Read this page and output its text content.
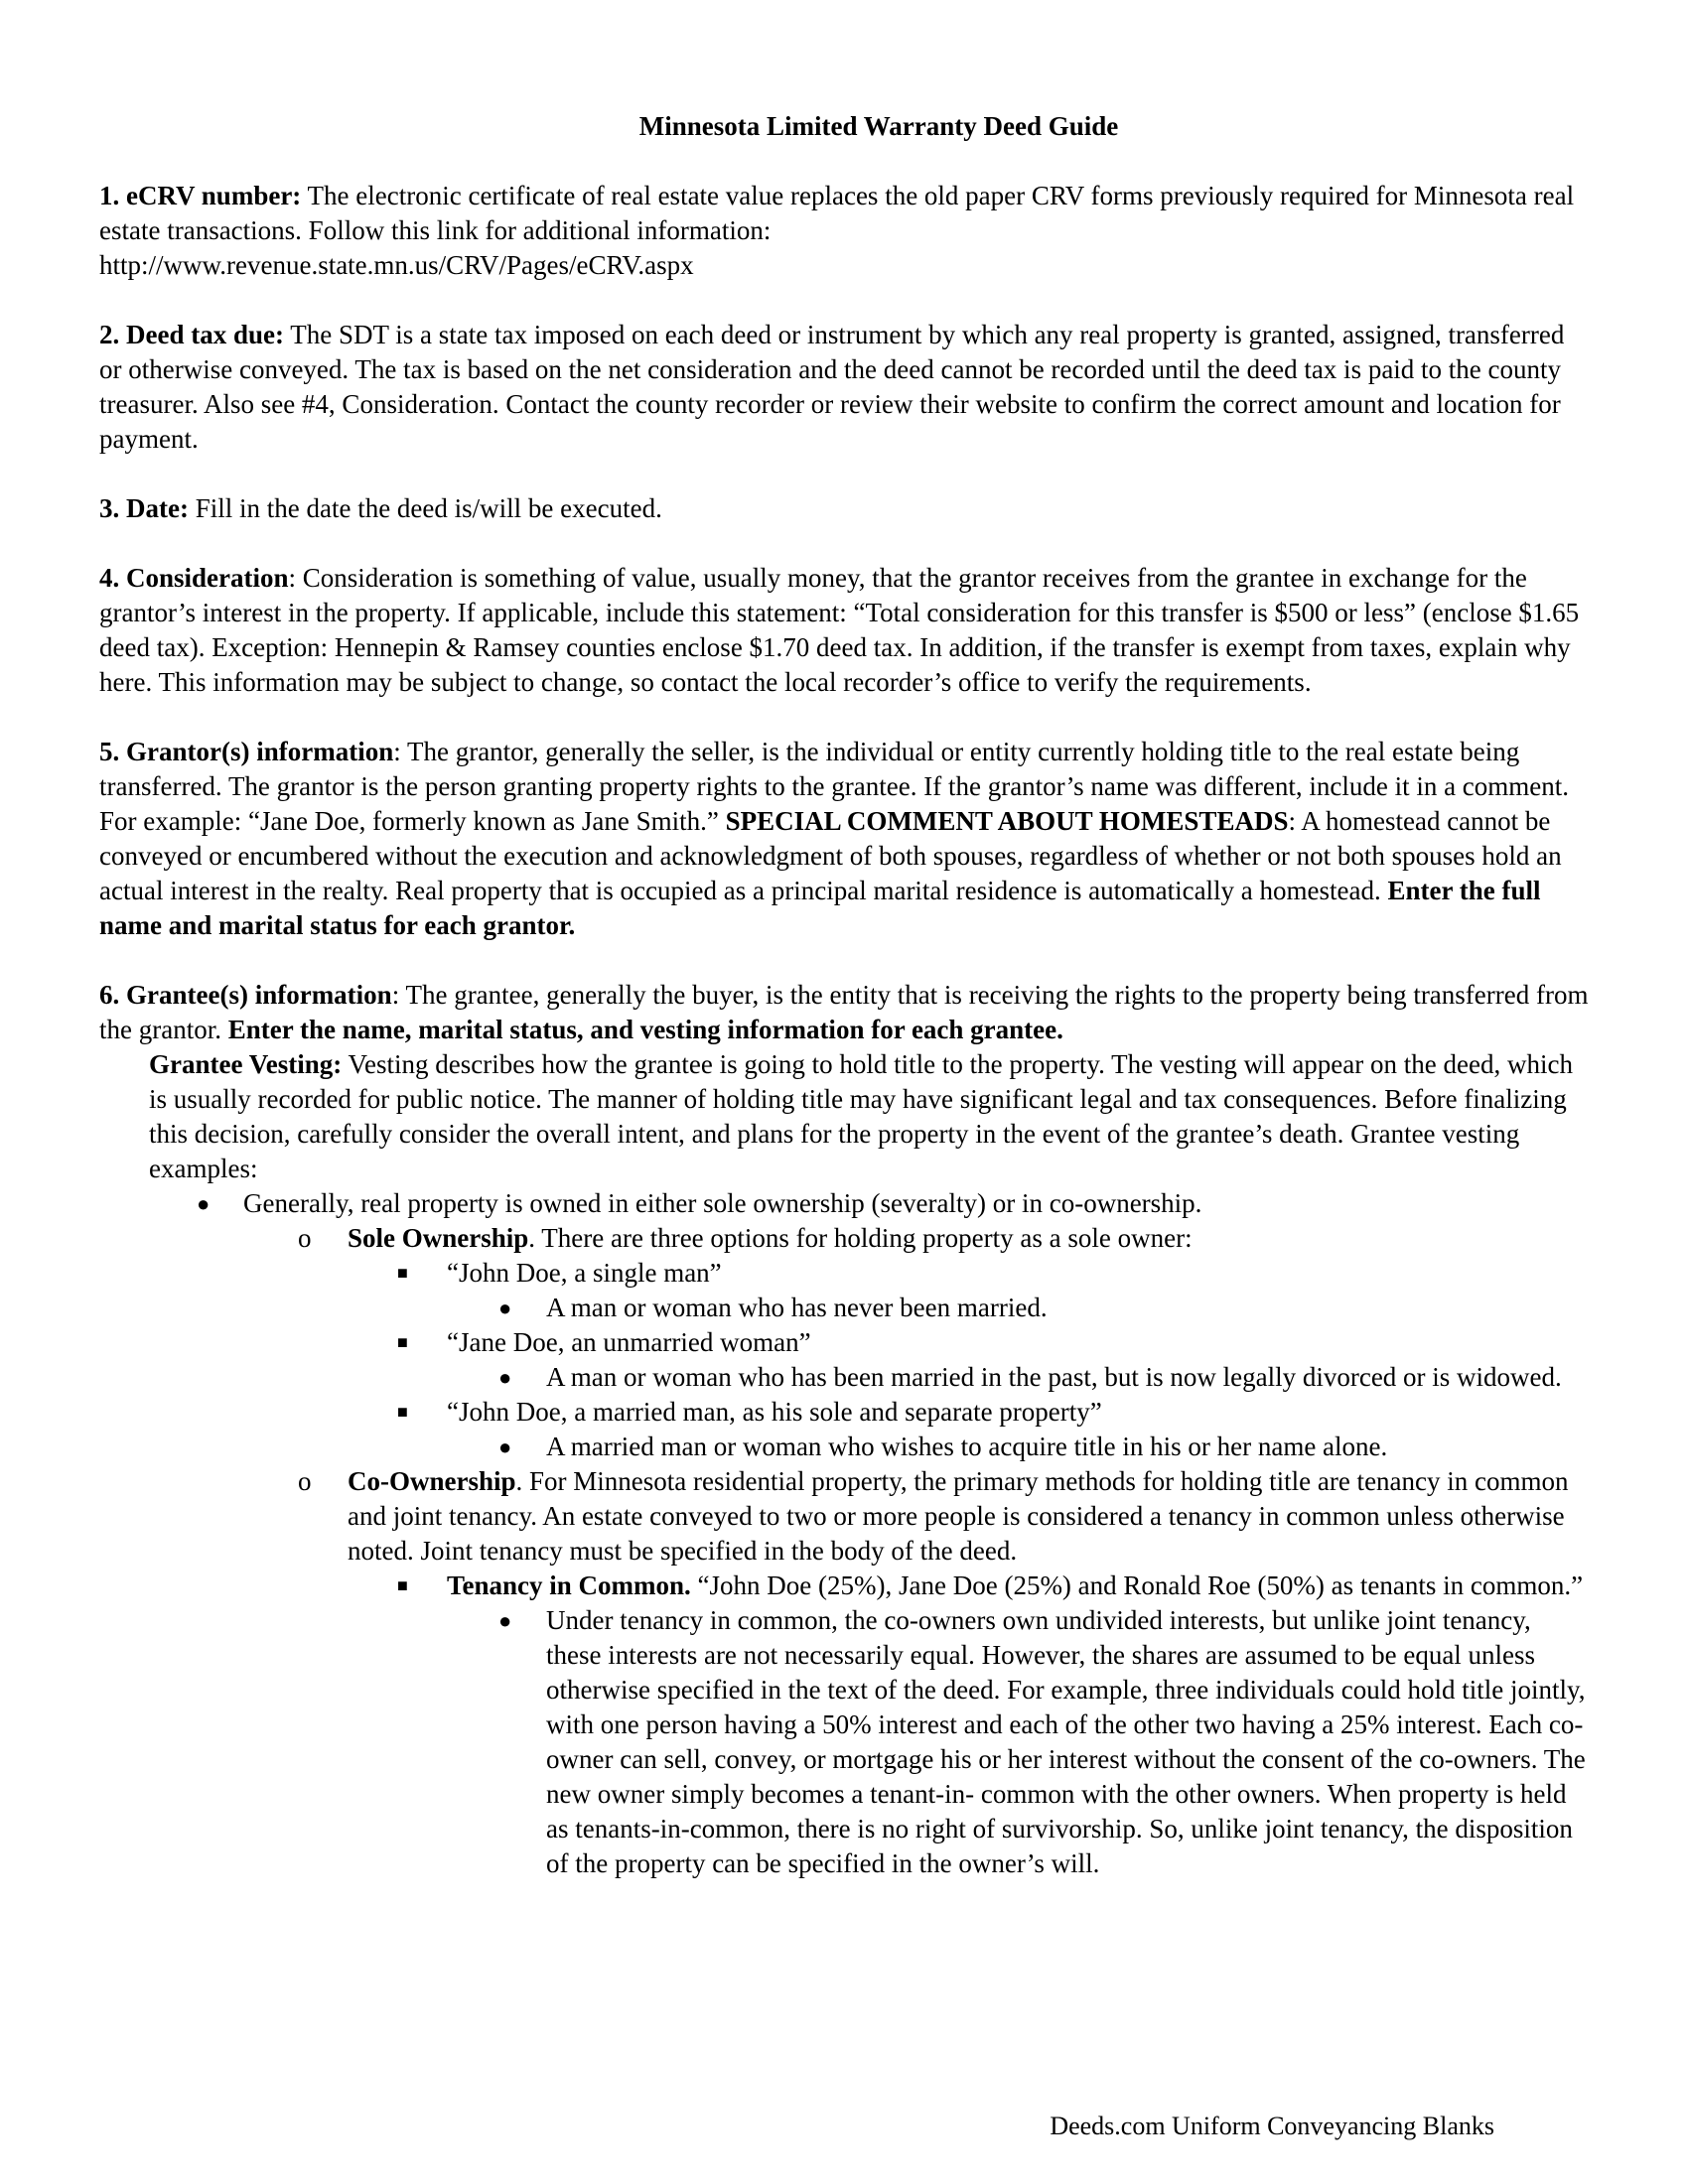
Minnesota Limited Warranty Deed Guide

1. eCRV number: The electronic certificate of real estate value replaces the old paper CRV forms previously required for Minnesota real estate transactions. Follow this link for additional information:
http://www.revenue.state.mn.us/CRV/Pages/eCRV.aspx

2. Deed tax due: The SDT is a state tax imposed on each deed or instrument by which any real property is granted, assigned, transferred or otherwise conveyed. The tax is based on the net consideration and the deed cannot be recorded until the deed tax is paid to the county treasurer. Also see #4, Consideration. Contact the county recorder or review their website to confirm the correct amount and location for payment.

3. Date: Fill in the date the deed is/will be executed.

4. Consideration: Consideration is something of value, usually money, that the grantor receives from the grantee in exchange for the grantor’s interest in the property. If applicable, include this statement: “Total consideration for this transfer is $500 or less” (enclose $1.65 deed tax). Exception: Hennepin & Ramsey counties enclose $1.70 deed tax. In addition, if the transfer is exempt from taxes, explain why here. This information may be subject to change, so contact the local recorder’s office to verify the requirements.

5. Grantor(s) information: The grantor, generally the seller, is the individual or entity currently holding title to the real estate being transferred. The grantor is the person granting property rights to the grantee. If the grantor’s name was different, include it in a comment. For example: “Jane Doe, formerly known as Jane Smith.” SPECIAL COMMENT ABOUT HOMESTEADS: A homestead cannot be conveyed or encumbered without the execution and acknowledgment of both spouses, regardless of whether or not both spouses hold an actual interest in the realty. Real property that is occupied as a principal marital residence is automatically a homestead. Enter the full name and marital status for each grantor.

6. Grantee(s) information: The grantee, generally the buyer, is the entity that is receiving the rights to the property being transferred from the grantor. Enter the name, marital status, and vesting information for each grantee.

Grantee Vesting: Vesting describes how the grantee is going to hold title to the property. The vesting will appear on the deed, which is usually recorded for public notice. The manner of holding title may have significant legal and tax consequences. Before finalizing this decision, carefully consider the overall intent, and plans for the property in the event of the grantee’s death. Grantee vesting examples:
● Generally, real property is owned in either sole ownership (severalty) or in co-ownership.
o Sole Ownership. There are three options for holding property as a sole owner:
■ “John Doe, a single man”
● A man or woman who has never been married.
■ “Jane Doe, an unmarried woman”
● A man or woman who has been married in the past, but is now legally divorced or is widowed.
■ “John Doe, a married man, as his sole and separate property”
● A married man or woman who wishes to acquire title in his or her name alone.
o Co-Ownership. For Minnesota residential property, the primary methods for holding title are tenancy in common and joint tenancy. An estate conveyed to two or more people is considered a tenancy in common unless otherwise noted. Joint tenancy must be specified in the body of the deed.
■ Tenancy in Common. “John Doe (25%), Jane Doe (25%) and Ronald Roe (50%) as tenants in common.”
● Under tenancy in common, the co-owners own undivided interests, but unlike joint tenancy, these interests are not necessarily equal. However, the shares are assumed to be equal unless otherwise specified in the text of the deed. For example, three individuals could hold title jointly, with one person having a 50% interest and each of the other two having a 25% interest. Each co-owner can sell, convey, or mortgage his or her interest without the consent of the co-owners. The new owner simply becomes a tenant-in- common with the other owners. When property is held as tenants-in-common, there is no right of survivorship. So, unlike joint tenancy, the disposition of the property can be specified in the owner’s will.
Deeds.com Uniform Conveyancing Blanks
